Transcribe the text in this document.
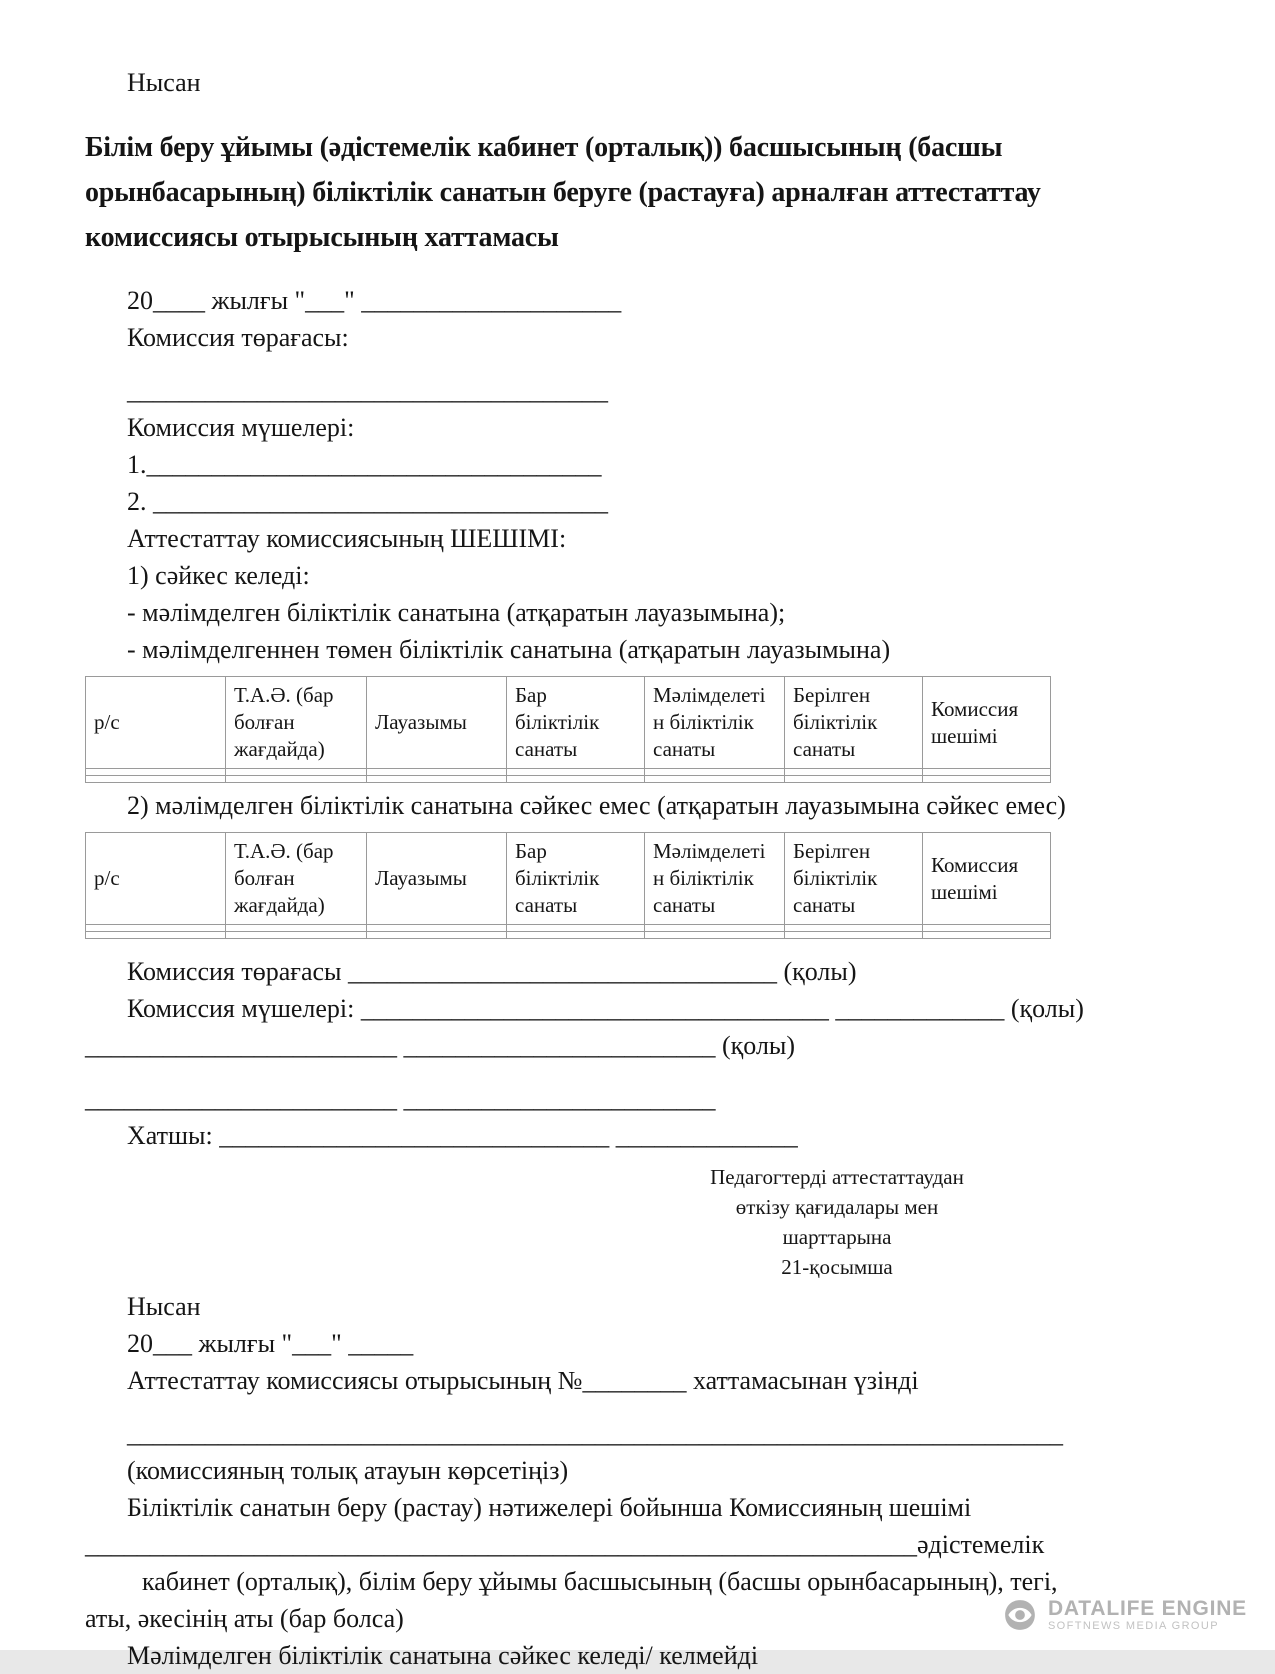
Нысан
Білім беру ұйымы (әдістемелік кабинет (орталық)) басшысының (басшы орынбасарының) біліктілік санатын беруге (растауға) арналған аттестаттау комиссиясы отырысының хаттамасы
20____ жылғы "___" ____________________
Комиссия төрағасы:
_____________________________________
Комиссия мүшелері:
1.___________________________________
2. ___________________________________
Аттестаттау комиссиясының ШЕШІМІ:
1) сәйкес келеді:
- мәлімделген біліктілік санатына (атқаратын лауазымына);
- мәлімделгеннен төмен біліктілік санатына (атқаратын лауазымына)
р/с	Т.А.Ә. (бар болған жағдайда)	Лауазымы	Бар біліктілік санаты	Мәлімделетін біліктілік санаты	Берілген біліктілік санаты	Комиссия шешімі

2) мәлімделген біліктілік санатына сәйкес емес (атқаратын лауазымына сәйкес емес)
р/с	Т.А.Ә. (бар болған жағдайда)	Лауазымы	Бар біліктілік санаты	Мәлімделетін біліктілік санаты	Берілген біліктілік санаты	Комиссия шешімі

Комиссия төрағасы _________________________________ (қолы)
Комиссия мүшелері: ____________________________________ _____________ (қолы)
________________________ ________________________ (қолы)
________________________ ________________________
Хатшы: ______________________________ ______________
Педагогтерді аттестаттаудан
өткізу қағидалары мен
шарттарына
21-қосымша
Нысан
20___ жылғы "___" _____
Аттестаттау комиссиясы отырысының №________ хаттамасынан үзінді
________________________________________________________________________
(комиссияның толық атауын көрсетіңіз)
Біліктілік санатын беру (растау) нәтижелері бойынша Комиссияның шешімі
________________________________________________________________әдістемелік
кабинет (орталық), білім беру ұйымы басшысының (басшы орынбасарының), тегі,
аты, әкесінің аты (бар болса)
Мәлімделген біліктілік санатына сәйкес келеді/ келмейді
DATALIFE ENGINE
SOFTNEWS MEDIA GROUP
